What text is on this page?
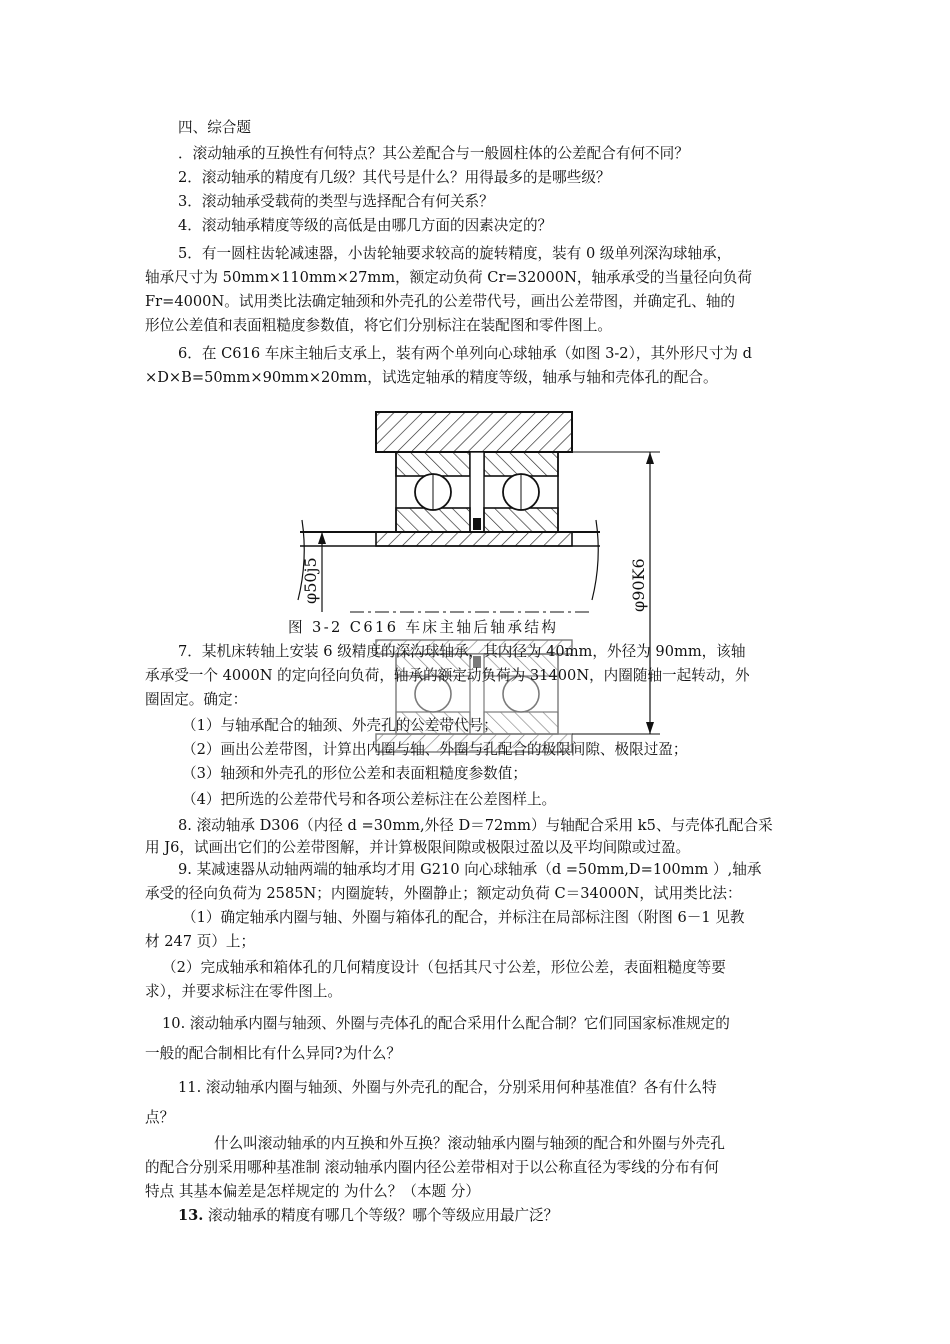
四、综合题
．滚动轴承的互换性有何特点？其公差配合与一般圆柱体的公差配合有何不同？
2．滚动轴承的精度有几级？其代号是什么？用得最多的是哪些级？
3．滚动轴承受载荷的类型与选择配合有何关系？
4．滚动轴承精度等级的高低是由哪几方面的因素决定的？
5．有一圆柱齿轮减速器，小齿轮轴要求较高的旋转精度，装有 0 级单列深沟球轴承，
轴承尺寸为 50mm×110mm×27mm，额定动负荷 Cr=32000N，轴承承受的当量径向负荷
Fr=4000N。试用类比法确定轴颈和外壳孔的公差带代号，画出公差带图，并确定孔、轴的
形位公差值和表面粗糙度参数值，将它们分别标注在装配图和零件图上。
6．在 C616 车床主轴后支承上，装有两个单列向心球轴承（如图 3-2），其外形尺寸为 d
×D×B=50mm×90mm×20mm，试选定轴承的精度等级，轴承与轴和壳体孔的配合。
φ50j5	φ90K6
图 3-2 C616 车床主轴后轴承结构
7．某机床转轴上安装 6 级精度的深沟球轴承，其内径为 40mm，外径为 90mm，该轴
承承受一个 4000N 的定向径向负荷，轴承的额定动负荷为 31400N，内圈随轴一起转动，外
圈固定。确定：
（1）与轴承配合的轴颈、外壳孔的公差带代号；
（2）画出公差带图，计算出内圈与轴、外圈与孔配合的极限间隙、极限过盈；
（3）轴颈和外壳孔的形位公差和表面粗糙度参数值；
（4）把所选的公差带代号和各项公差标注在公差图样上。
8. 滚动轴承 D306（内径 d =30mm,外径 D＝72mm）与轴配合采用 k5、与壳体孔配合采
用 J6，试画出它们的公差带图解，并计算极限间隙或极限过盈以及平均间隙或过盈。
9. 某减速器从动轴两端的轴承均才用 G210 向心球轴承（d =50mm,D=100mm ）,轴承
承受的径向负荷为 2585N；内圈旋转，外圈静止；额定动负荷 C＝34000N，试用类比法：
（1）确定轴承内圈与轴、外圈与箱体孔的配合，并标注在局部标注图（附图 6－1 见教
材 247 页）上；
（2）完成轴承和箱体孔的几何精度设计（包括其尺寸公差，形位公差，表面粗糙度等要
求），并要求标注在零件图上。
10. 滚动轴承内圈与轴颈、外圈与壳体孔的配合采用什么配合制？它们同国家标准规定的
一般的配合制相比有什么异同?为什么？
11. 滚动轴承内圈与轴颈、外圈与外壳孔的配合，分别采用何种基准值？各有什么特
点？
什么叫滚动轴承的内互换和外互换？滚动轴承内圈与轴颈的配合和外圈与外壳孔
的配合分别采用哪种基准制 滚动轴承内圈内径公差带相对于以公称直径为零线的分布有何
特点 其基本偏差是怎样规定的 为什么？（本题 分）
13. 滚动轴承的精度有哪几个等级？哪个等级应用最广泛？
